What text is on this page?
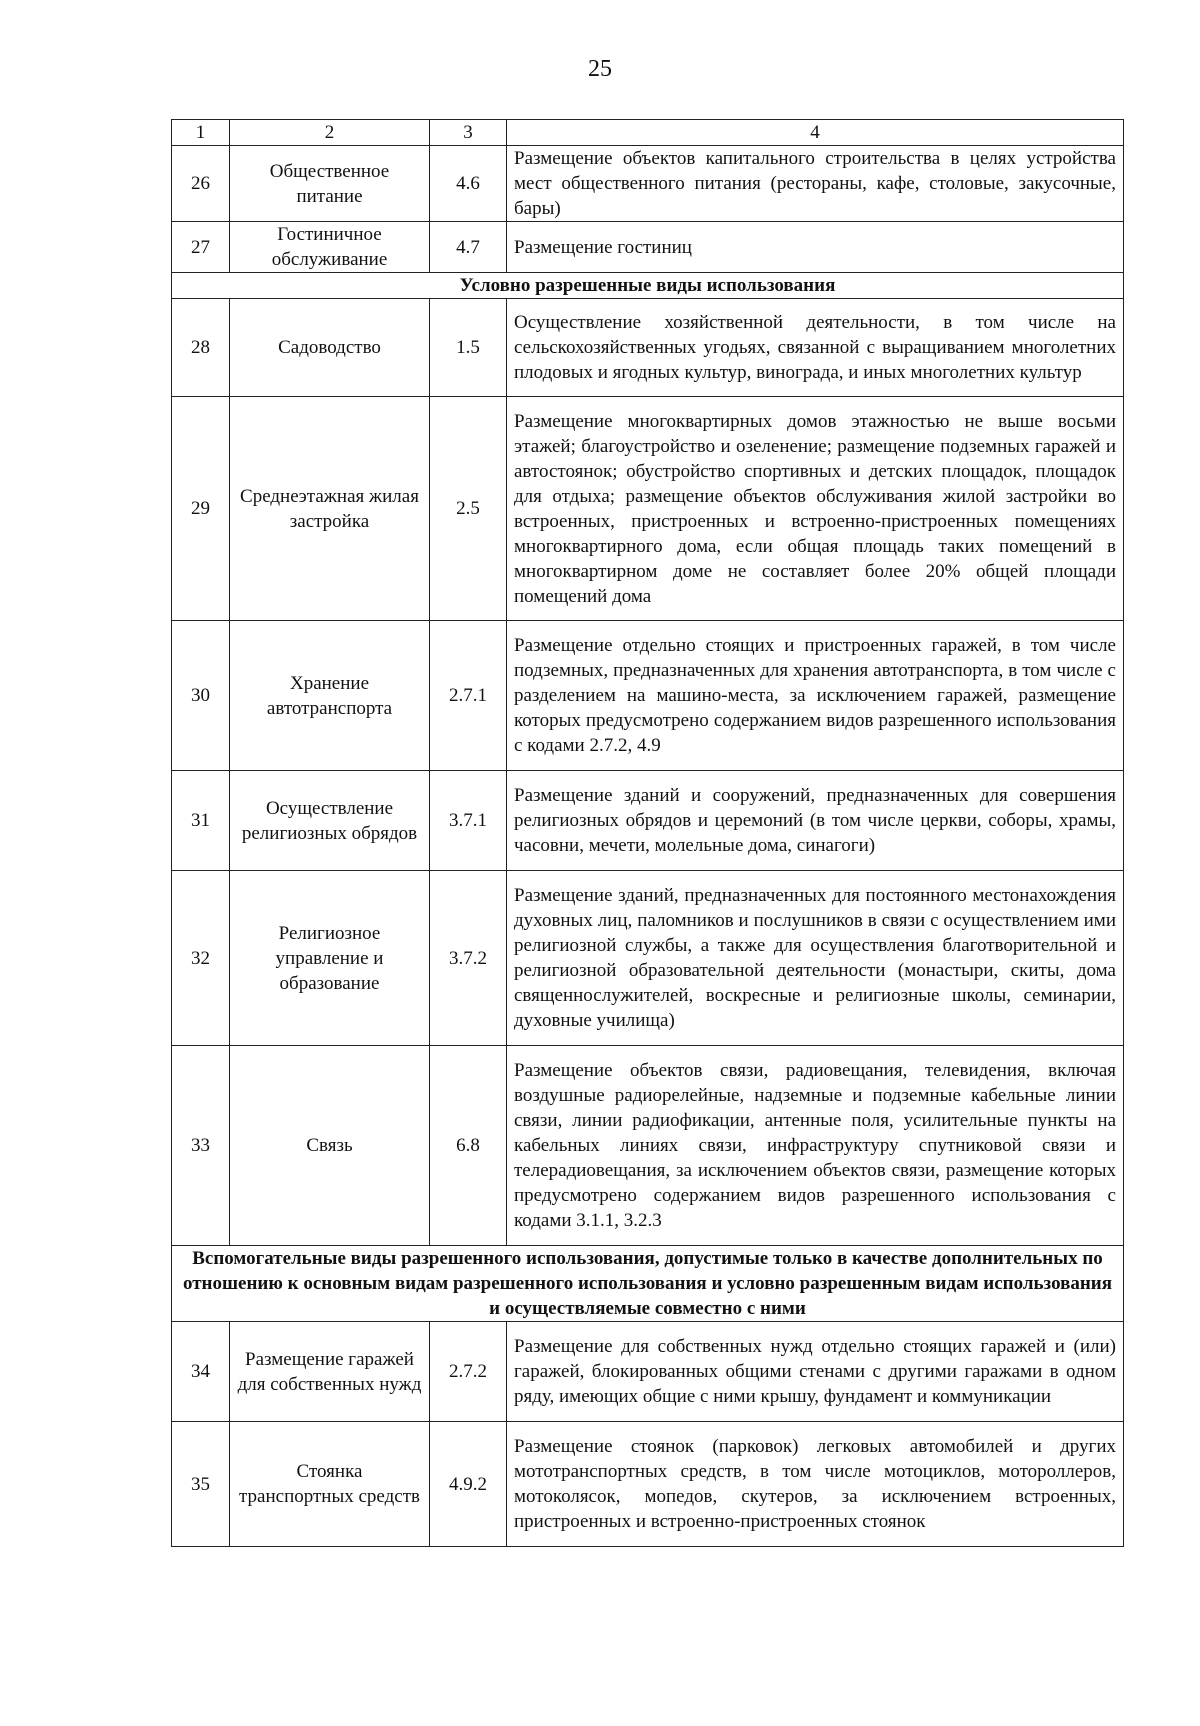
25
1	2	3	4
26	Общественное питание	4.6	Размещение объектов капитального строительства в целях устройства мест общественного питания (рестораны, кафе, столовые, закусочные, бары)
27	Гостиничное обслуживание	4.7	Размещение гостиниц
Условно разрешенные виды использования			
28	Садоводство	1.5	Осуществление хозяйственной деятельности, в том числе на сельскохозяйственных угодьях, связанной с выращиванием многолетних плодовых и ягодных культур, винограда, и иных многолетних культур
29	Среднеэтажная жилая застройка	2.5	Размещение многоквартирных домов этажностью не выше восьми этажей; благоустройство и озеленение; размещение подземных гаражей и автостоянок; обустройство спортивных и детских площадок, площадок для отдыха; размещение объектов обслуживания жилой застройки во встроенных, пристроенных и встроенно-пристроенных помещениях многоквартирного дома, если общая площадь таких помещений в многоквартирном доме не составляет более 20% общей площади помещений дома
30	Хранение автотранспорта	2.7.1	Размещение отдельно стоящих и пристроенных гаражей, в том числе подземных, предназначенных для хранения автотранспорта, в том числе с разделением на машино-места, за исключением гаражей, размещение которых предусмотрено содержанием видов разрешенного использования с кодами 2.7.2, 4.9
31	Осуществление религиозных обрядов	3.7.1	Размещение зданий и сооружений, предназначенных для совершения религиозных обрядов и церемоний (в том числе церкви, соборы, храмы, часовни, мечети, молельные дома, синагоги)
32	Религиозное управление и образование	3.7.2	Размещение зданий, предназначенных для постоянного местонахождения духовных лиц, паломников и послушников в связи с осуществлением ими религиозной службы, а также для осуществления благотворительной и религиозной образовательной деятельности (монастыри, скиты, дома священнослужителей, воскресные и религиозные школы, семинарии, духовные училища)
33	Связь	6.8	Размещение объектов связи, радиовещания, телевидения, включая воздушные радиорелейные, надземные и подземные кабельные линии связи, линии радиофикации, антенные поля, усилительные пункты на кабельных линиях связи, инфраструктуру спутниковой связи и телерадиовещания, за исключением объектов связи, размещение которых предусмотрено содержанием видов разрешенного использования с кодами 3.1.1, 3.2.3
Вспомогательные виды разрешенного использования, допустимые только в качестве дополнительных по отношению к основным видам разрешенного использования и условно разрешенным видам использования и осуществляемые совместно с ними			
34	Размещение гаражей для собственных нужд	2.7.2	Размещение для собственных нужд отдельно стоящих гаражей и (или) гаражей, блокированных общими стенами с другими гаражами в одном ряду, имеющих общие с ними крышу, фундамент и коммуникации
35	Стоянка транспортных средств	4.9.2	Размещение стоянок (парковок) легковых автомобилей и других мототранспортных средств, в том числе мотоциклов, мотороллеров, мотоколясок, мопедов, скутеров, за исключением встроенных, пристроенных и встроенно-пристроенных стоянок
